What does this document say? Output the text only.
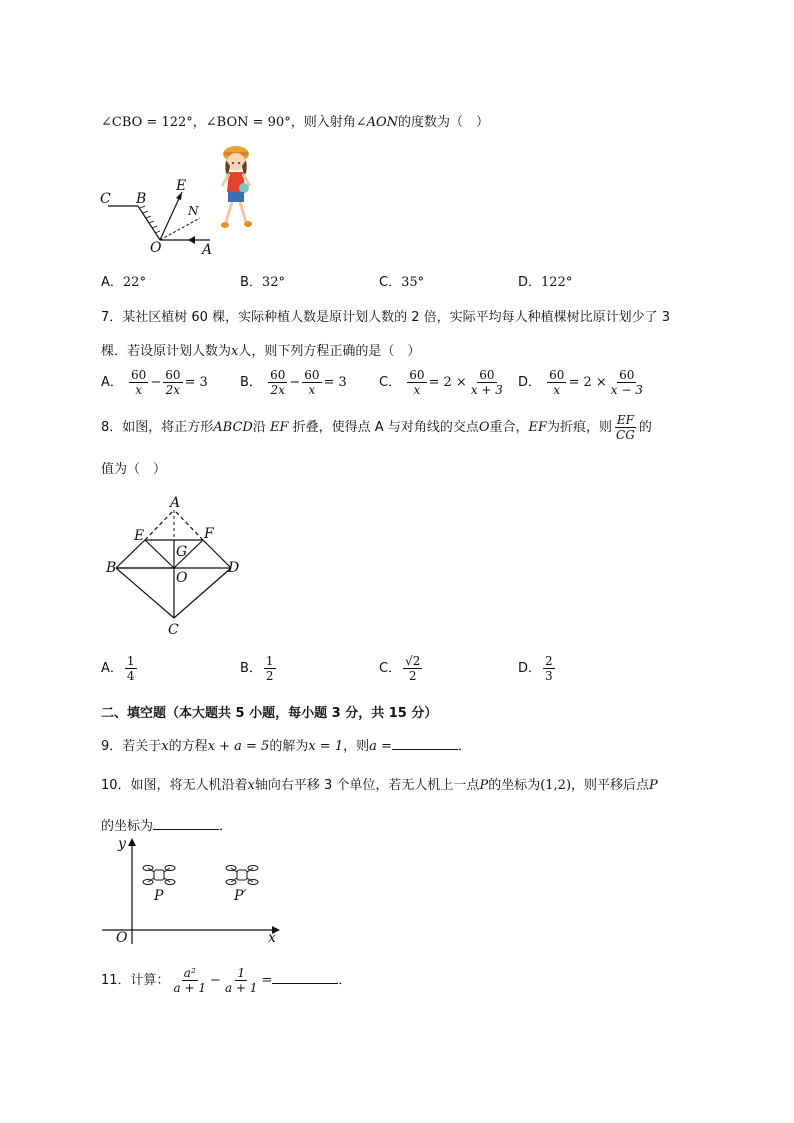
∠CBO = 122°，∠BON = 90°，则入射角∠AON的度数为（　）
C B
E
N
O	A
A．22°	B．32°	C．35°	D．122°
7．某社区植树 60 棵，实际种植人数是原计划人数的 2 倍，实际平均每人种植棵树比原计划少了 3
棵．若设原计划人数为x人，则下列方程正确的是（　）
A． $\frac{60}{x} - \frac{60}{2x} = 3$ B． $\frac{60}{2x} - \frac{60}{x} = 3$ C． $\frac{60}{x} = 2 \times \frac{60}{x + 3}$ D． $\frac{60}{x} = 2 \times \frac{60}{x - 3}$
8．如图，将正方形ABCD沿 EF 折叠，使得点 A 与对角线的交点O重合，EF为折痕，则 $\frac{EF}{CG}$ 的
值为（　）
A
E	F
G
B
O
D
C
A． $\frac{1}{4}$	B． $\frac{1}{2}$	C． $\frac{√2}{2}$	D． $\frac{2}{3}$
二、填空题（本大题共 5 小题，每小题 3 分，共 15 分）
9．若关于x的方程x + a = 5的解为x = 1，则a =	．
10．如图，将无人机沿着x轴向右平移 3 个单位，若无人机上一点P的坐标为(1,2)，则平移后点P
的坐标为	．
y
x
O
P	P′
11．计算： $\frac{\text{a²}}{a + 1} - \frac{1}{a + 1}$ =	．
